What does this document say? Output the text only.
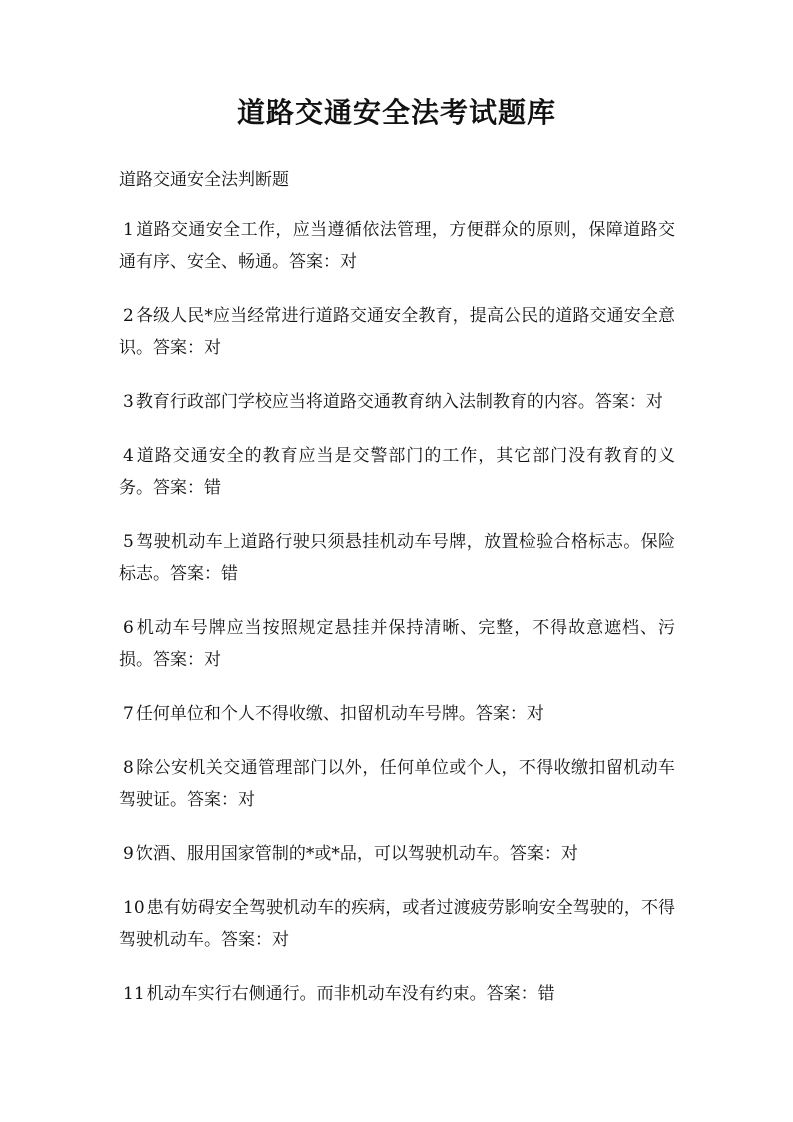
道路交通安全法考试题库

道路交通安全法判断题

1 道路交通安全工作，应当遵循依法管理，方便群众的原则，保障道路交通有序、安全、畅通。答案：对
2 各级人民*应当经常进行道路交通安全教育，提高公民的道路交通安全意识。答案：对
3 教育行政部门学校应当将道路交通教育纳入法制教育的内容。答案：对
4 道路交通安全的教育应当是交警部门的工作，其它部门没有教育的义务。答案：错
5 驾驶机动车上道路行驶只须悬挂机动车号牌，放置检验合格标志。保险标志。答案：错
6 机动车号牌应当按照规定悬挂并保持清晰、完整，不得故意遮档、污损。答案：对
7 任何单位和个人不得收缴、扣留机动车号牌。答案：对
8 除公安机关交通管理部门以外，任何单位或个人，不得收缴扣留机动车驾驶证。答案：对
9 饮酒、服用国家管制的*或*品，可以驾驶机动车。答案：对
10 患有妨碍安全驾驶机动车的疾病，或者过渡疲劳影响安全驾驶的，不得驾驶机动车。答案：对
11 机动车实行右侧通行。而非机动车没有约束。答案：错
